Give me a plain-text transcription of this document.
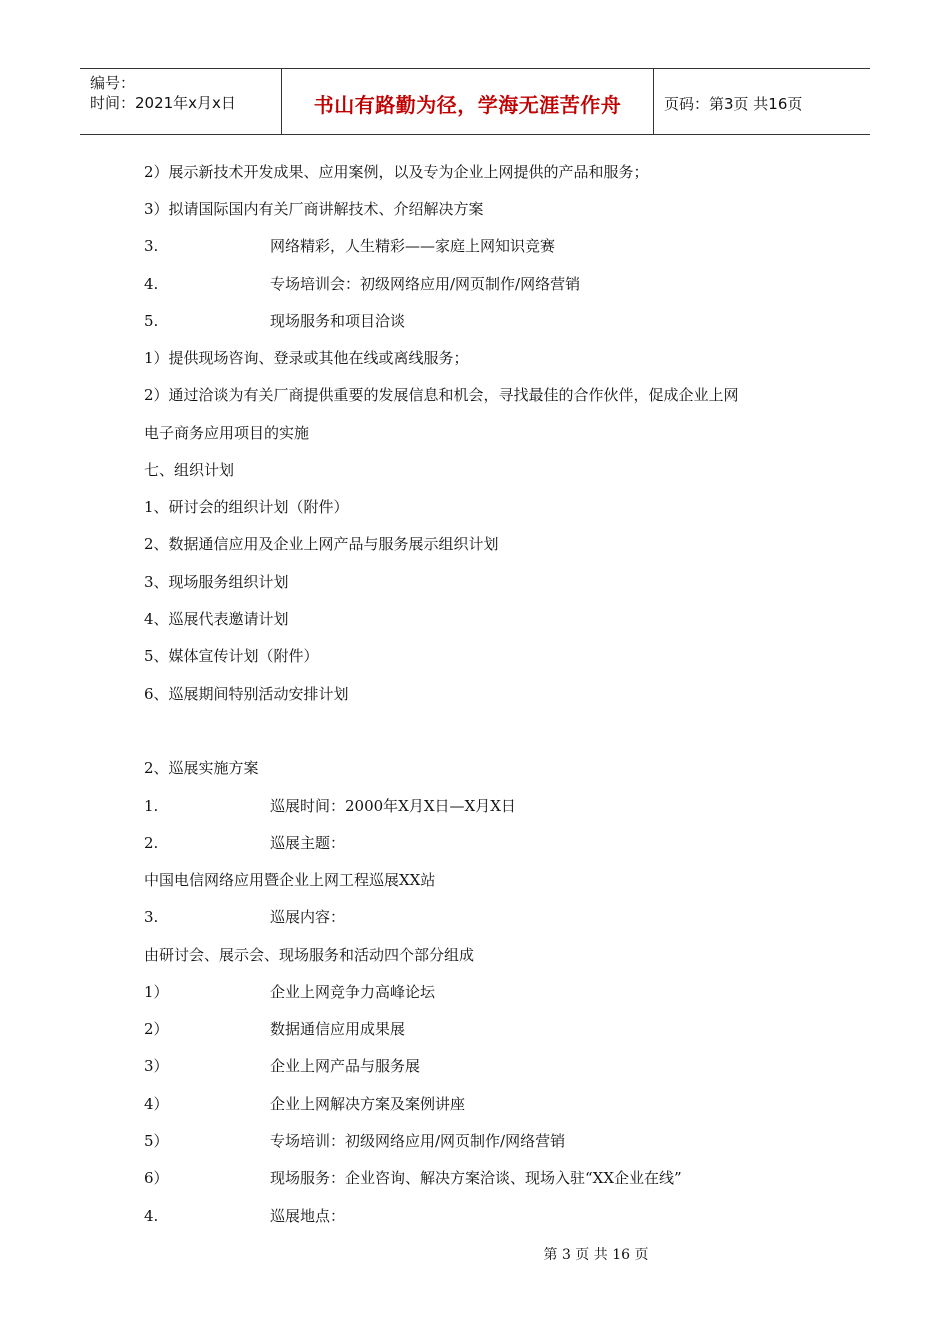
编号：
时间：2021年x月x日	书山有路勤为径，学海无涯苦作舟	页码：第3页 共16页
2）展示新技术开发成果、应用案例，以及专为企业上网提供的产品和服务；
3）拟请国际国内有关厂商讲解技术、介绍解决方案
3.	网络精彩，人生精彩——家庭上网知识竞赛
4.	专场培训会：初级网络应用/网页制作/网络营销
5.	现场服务和项目洽谈
1）提供现场咨询、登录或其他在线或离线服务；
2）通过洽谈为有关厂商提供重要的发展信息和机会，寻找最佳的合作伙伴，促成企业上网
电子商务应用项目的实施
七、组织计划
1、研讨会的组织计划（附件）
2、数据通信应用及企业上网产品与服务展示组织计划
3、现场服务组织计划
4、巡展代表邀请计划
5、媒体宣传计划（附件）
6、巡展期间特别活动安排计划
2、巡展实施方案
1.	巡展时间：2000年X月X日—X月X日
2.	巡展主题：
中国电信网络应用暨企业上网工程巡展XX站
3.	巡展内容：
由研讨会、展示会、现场服务和活动四个部分组成
1）	企业上网竞争力高峰论坛
2）	数据通信应用成果展
3）	企业上网产品与服务展
4）	企业上网解决方案及案例讲座
5）	专场培训：初级网络应用/网页制作/网络营销
6）	现场服务：企业咨询、解决方案洽谈、现场入驻“XX企业在线”
4.	巡展地点：
第 3 页 共 16 页
